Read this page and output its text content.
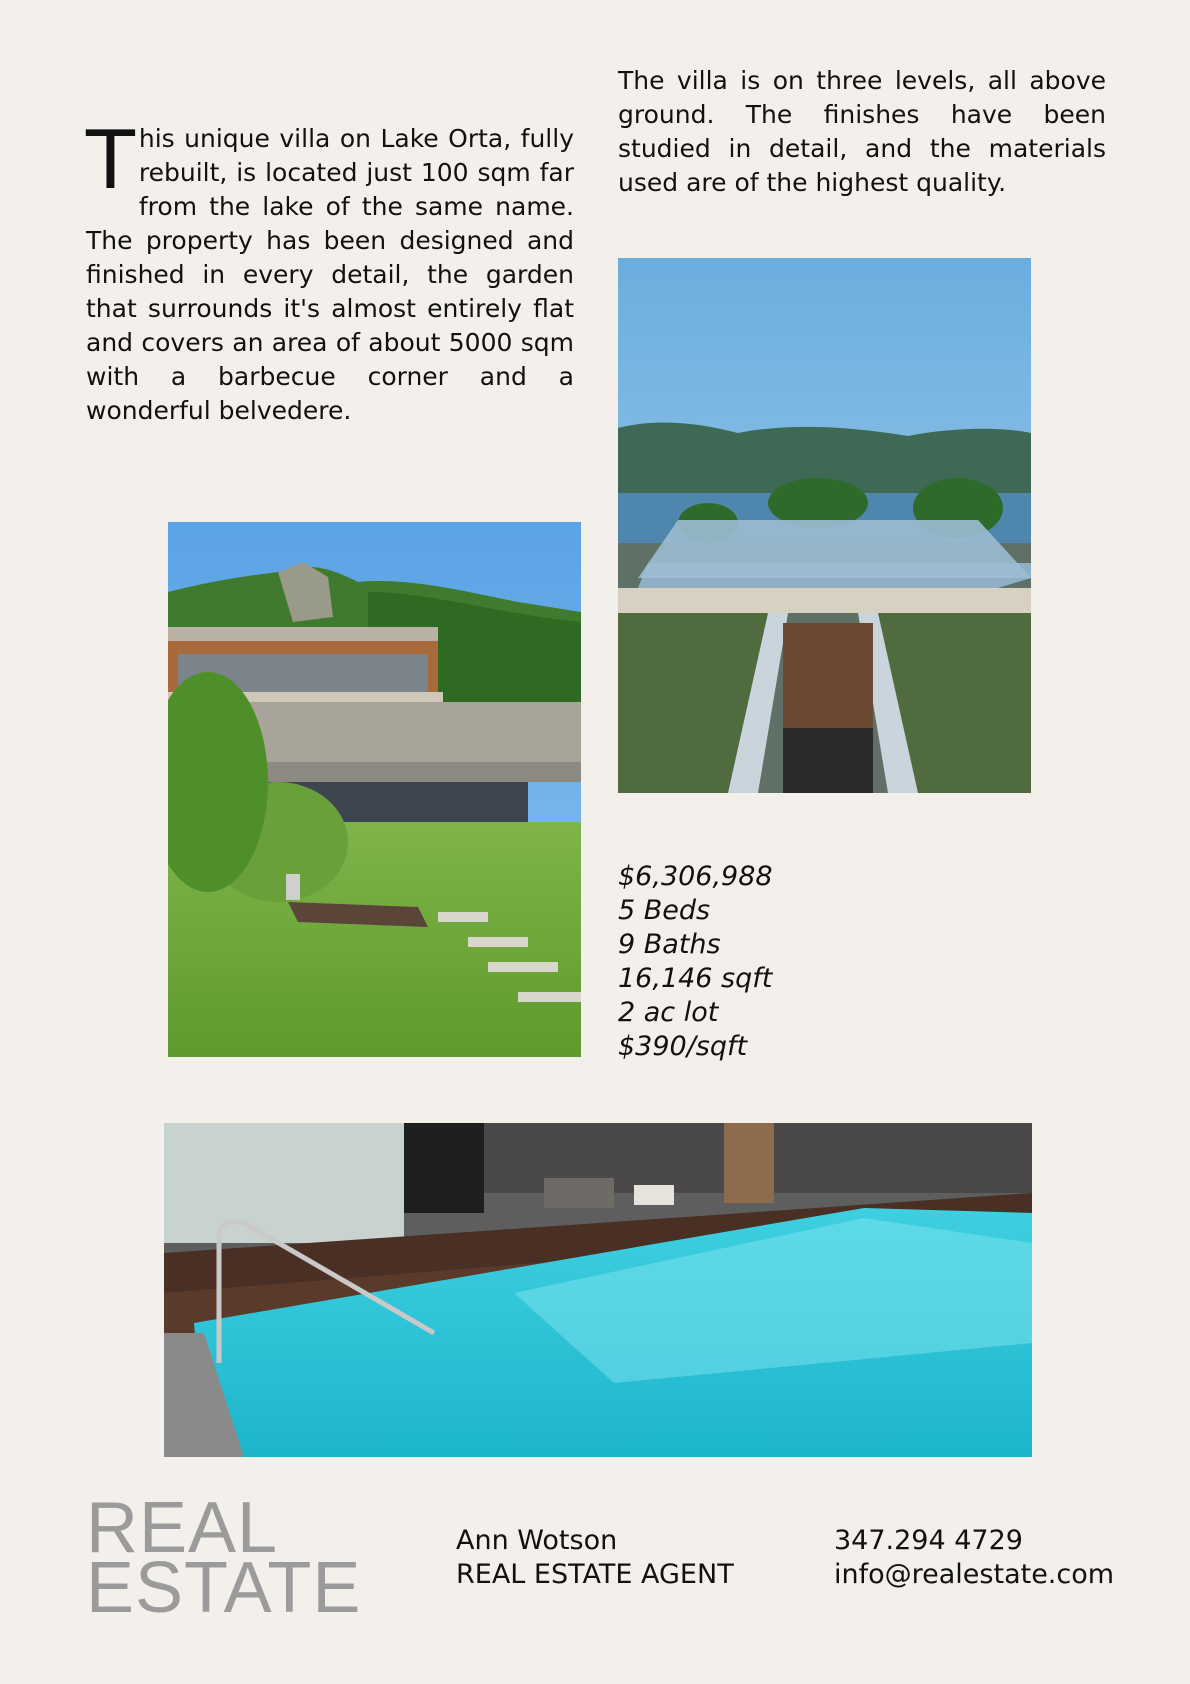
This unique villa on Lake Orta, fully rebuilt, is located just 100 sqm far from the lake of the same name. The property has been designed and finished in every detail, the garden that surrounds it's almost entirely flat and covers an area of about 5000 sqm with a barbecue corner and a wonderful belvedere.

The villa is on three levels, all above ground. The finishes have been studied in detail, and the materials used are of the highest quality.

$6,306,988
5 Beds
9 Baths
16,146 sqft
2 ac lot
$390/sqft
REAL
ESTATE
Ann Wotson
REAL ESTATE AGENT
347.294 4729
info@realestate.com
